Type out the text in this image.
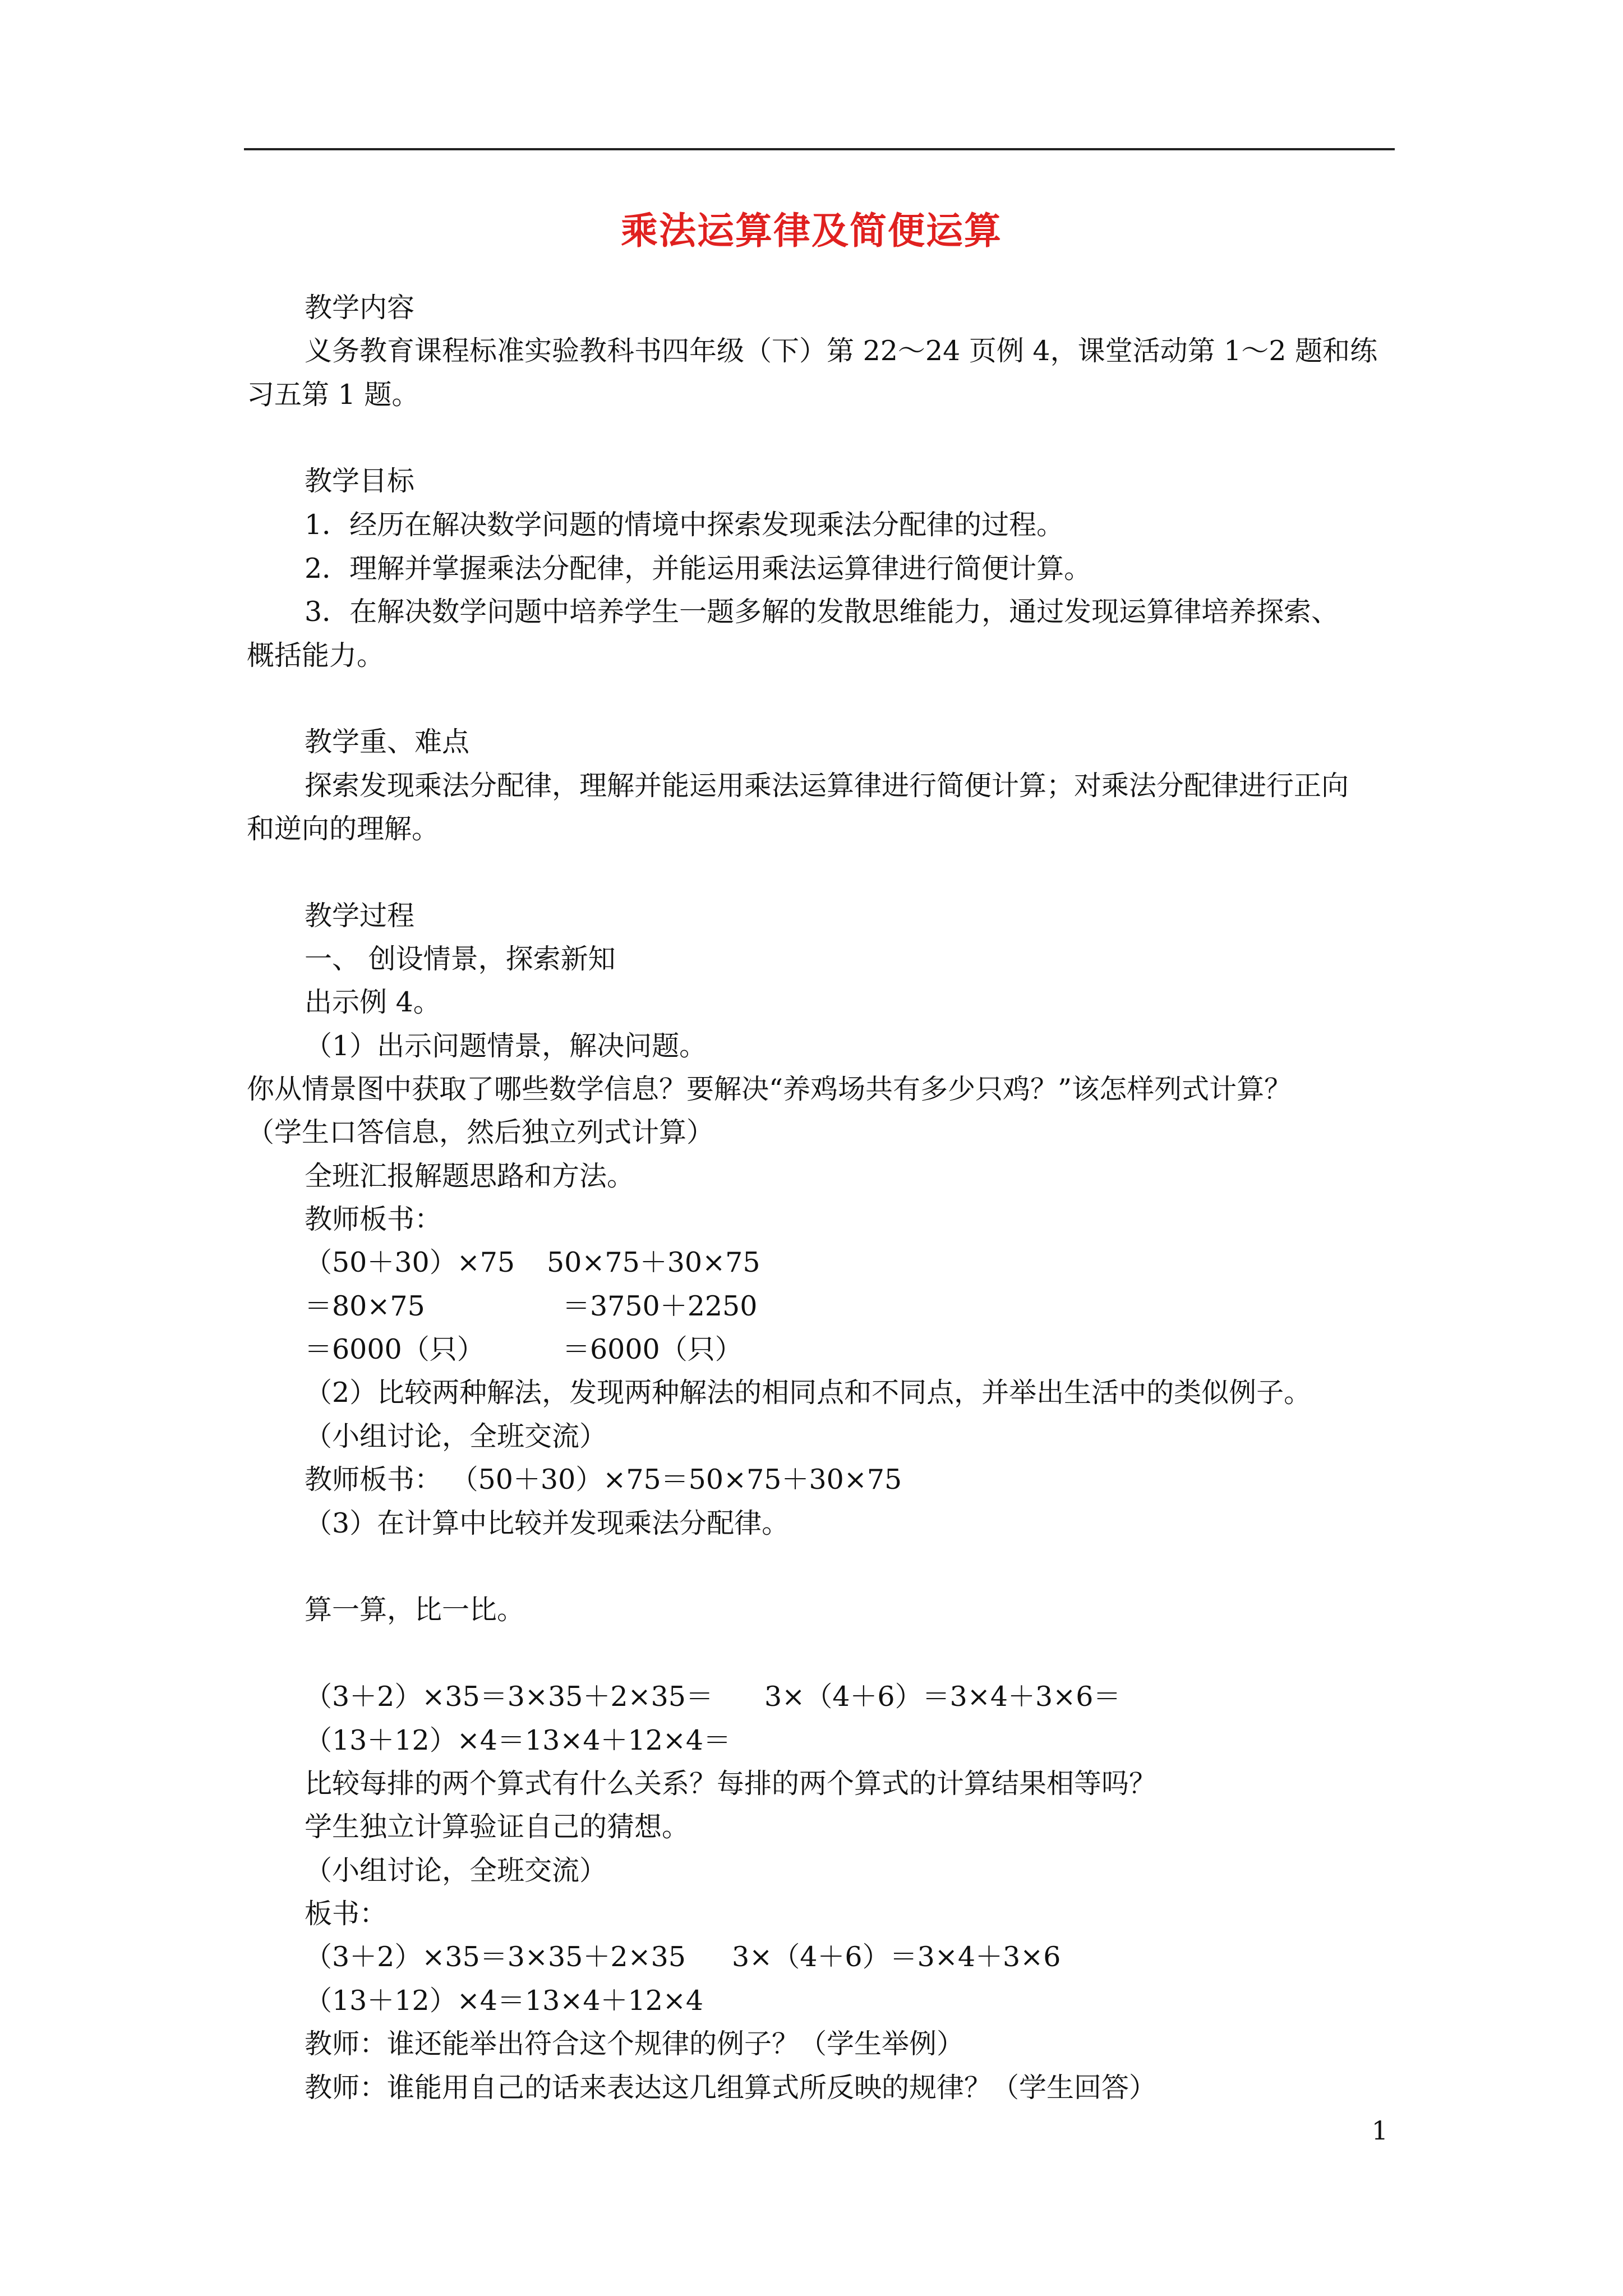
乘法运算律及简便运算
教学内容
义务教育课程标准实验教科书四年级（下）第 22～24 页例 4，课堂活动第 1～2 题和练
习五第 1 题。
教学目标
1．经历在解决数学问题的情境中探索发现乘法分配律的过程。
2．理解并掌握乘法分配律，并能运用乘法运算律进行简便计算。
3．在解决数学问题中培养学生一题多解的发散思维能力，通过发现运算律培养探索、
概括能力。
教学重、难点
探索发现乘法分配律，理解并能运用乘法运算律进行简便计算；对乘法分配律进行正向
和逆向的理解。
教学过程
一、 创设情景，探索新知
出示例 4。
（1）出示问题情景，解决问题。
你从情景图中获取了哪些数学信息？要解决“养鸡场共有多少只鸡？”该怎样列式计算？
（学生口答信息，然后独立列式计算）
全班汇报解题思路和方法。
教师板书：
（50＋30）×75 50×75＋30×75
＝80×75	＝3750＋2250
＝6000（只）	＝6000（只）
（2）比较两种解法，发现两种解法的相同点和不同点，并举出生活中的类似例子。
（小组讨论，全班交流）
教师板书： （50＋30）×75＝50×75＋30×75
（3）在计算中比较并发现乘法分配律。
算一算，比一比。
（3＋2）×35＝3×35＋2×35＝ 3×（4＋6）＝3×4＋3×6＝
（13＋12）×4＝13×4＋12×4＝
比较每排的两个算式有什么关系？每排的两个算式的计算结果相等吗？
学生独立计算验证自己的猜想。
（小组讨论，全班交流）
板书：
（3＋2）×35＝3×35＋2×35 3×（4＋6）＝3×4＋3×6
（13＋12）×4＝13×4＋12×4
教师：谁还能举出符合这个规律的例子？（学生举例）
教师：谁能用自己的话来表达这几组算式所反映的规律？（学生回答）
1
